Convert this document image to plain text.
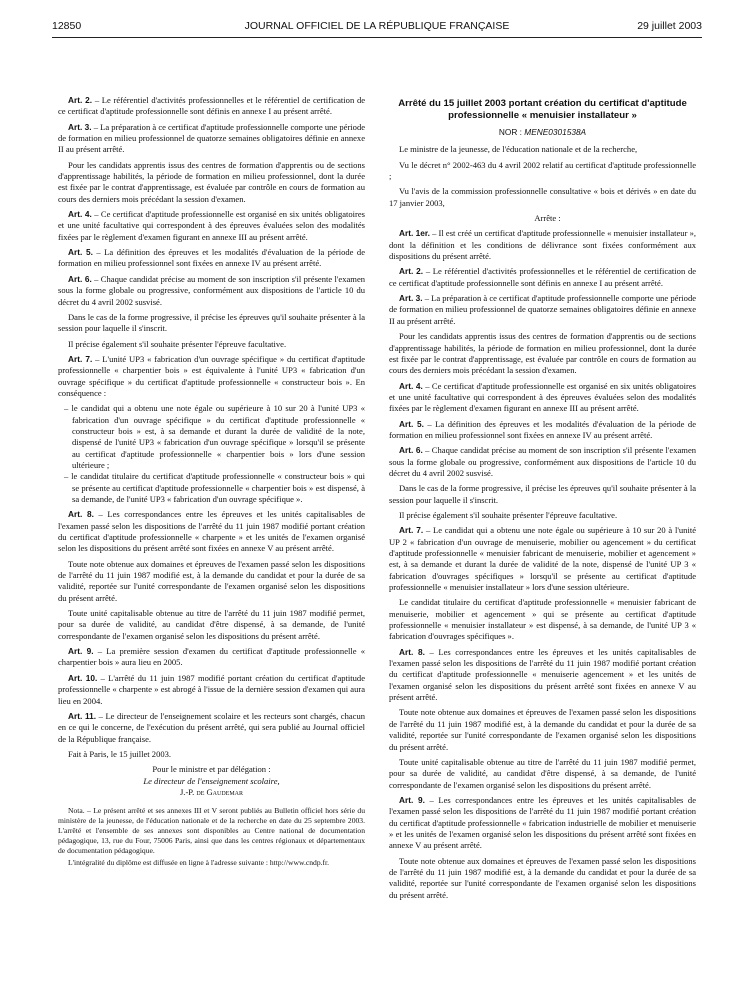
12850	JOURNAL OFFICIEL DE LA RÉPUBLIQUE FRANÇAISE	29 juillet 2003

Art. 2. – Le référentiel d'activités professionnelles et le référentiel de certification de ce certificat d'aptitude professionnelle sont définis en annexe I au présent arrêté.

Art. 3. – La préparation à ce certificat d'aptitude professionnelle comporte une période de formation en milieu professionnel de quatorze semaines obligatoires définie en annexe II au présent arrêté.

Pour les candidats apprentis issus des centres de formation d'apprentis ou de sections d'apprentissage habilités, la période de formation en milieu professionnel, dont la durée est fixée par le contrat d'apprentissage, est évaluée par contrôle en cours de formation au cours des derniers mois précédant la session d'examen.

Art. 4. – Ce certificat d'aptitude professionnelle est organisé en six unités obligatoires et une unité facultative qui correspondent à des épreuves évaluées selon des modalités fixées par le règlement d'examen figurant en annexe III au présent arrêté.

Art. 5. – La définition des épreuves et les modalités d'évaluation de la période de formation en milieu professionnel sont fixées en annexe IV au présent arrêté.

Art. 6. – Chaque candidat précise au moment de son inscription s'il présente l'examen sous la forme globale ou progressive, conformément aux dispositions de l'article 10 du décret du 4 avril 2002 susvisé.

Dans le cas de la forme progressive, il précise les épreuves qu'il souhaite présenter à la session pour laquelle il s'inscrit.

Il précise également s'il souhaite présenter l'épreuve facultative.

Art. 7. – L'unité UP3 « fabrication d'un ouvrage spécifique » du certificat d'aptitude professionnelle « charpentier bois » est équivalente à l'unité UP3 « fabrication d'un ouvrage spécifique » du certificat d'aptitude professionnelle « constructeur bois ». En conséquence :

– le candidat qui a obtenu une note égale ou supérieure à 10 sur 20 à l'unité UP3 « fabrication d'un ouvrage spécifique » du certificat d'aptitude professionnelle « constructeur bois » est, à sa demande et durant la durée de validité de la note, dispensé de l'unité UP3 « fabrication d'un ouvrage spécifique » lorsqu'il se présente au certificat d'aptitude professionnelle « charpentier bois » lors d'une session ultérieure ;
– le candidat titulaire du certificat d'aptitude professionnelle « constructeur bois » qui se présente au certificat d'aptitude professionnelle « charpentier bois » est dispensé, à sa demande, de l'unité UP3 « fabrication d'un ouvrage spécifique ».

Art. 8. – Les correspondances entre les épreuves et les unités capitalisables de l'examen passé selon les dispositions de l'arrêté du 11 juin 1987 modifié portant création du certificat d'aptitude professionnelle « charpente » et les unités de l'examen organisé selon les dispositions du présent arrêté sont fixées en annexe V au présent arrêté.

Toute note obtenue aux domaines et épreuves de l'examen passé selon les dispositions de l'arrêté du 11 juin 1987 modifié est, à la demande du candidat et pour la durée de sa validité, reportée sur l'unité correspondante de l'examen organisé selon les dispositions du présent arrêté.

Toute unité capitalisable obtenue au titre de l'arrêté du 11 juin 1987 modifié permet, pour sa durée de validité, au candidat d'être dispensé, à sa demande, de l'unité correspondante de l'examen organisé selon les dispositions du présent arrêté.

Art. 9. – La première session d'examen du certificat d'aptitude professionnelle « charpentier bois » aura lieu en 2005.

Art. 10. – L'arrêté du 11 juin 1987 modifié portant création du certificat d'aptitude professionnelle « charpente » est abrogé à l'issue de la dernière session d'examen qui aura lieu en 2004.

Art. 11. – Le directeur de l'enseignement scolaire et les recteurs sont chargés, chacun en ce qui le concerne, de l'exécution du présent arrêté, qui sera publié au Journal officiel de la République française.

Fait à Paris, le 15 juillet 2003.

Pour le ministre et par délégation :
Le directeur de l'enseignement scolaire,
J.-P. de Gaudemar

Nota. – Le présent arrêté et ses annexes III et V seront publiés au Bulletin officiel hors série du ministère de la jeunesse, de l'éducation nationale et de la recherche en date du 25 septembre 2003. L'arrêté et l'ensemble de ses annexes sont disponibles au Centre national de documentation pédagogique, 13, rue du Four, 75006 Paris, ainsi que dans les centres régionaux et départementaux de documentation pédagogique.

L'intégralité du diplôme est diffusée en ligne à l'adresse suivante : http://www.cndp.fr.

Arrêté du 15 juillet 2003 portant création du certificat d'aptitude professionnelle « menuisier installateur »
NOR : MENE0301538A

Le ministre de la jeunesse, de l'éducation nationale et de la recherche,

Vu le décret n° 2002-463 du 4 avril 2002 relatif au certificat d'aptitude professionnelle ;

Vu l'avis de la commission professionnelle consultative « bois et dérivés » en date du 17 janvier 2003,

Arrête :

Art. 1er. – Il est créé un certificat d'aptitude professionnelle « menuisier installateur », dont la définition et les conditions de délivrance sont fixées conformément aux dispositions du présent arrêté.

Art. 2. – Le référentiel d'activités professionnelles et le référentiel de certification de ce certificat d'aptitude professionnelle sont définis en annexe I au présent arrêté.

Art. 3. – La préparation à ce certificat d'aptitude professionnelle comporte une période de formation en milieu professionnel de quatorze semaines obligatoires définie en annexe II au présent arrêté.

Pour les candidats apprentis issus des centres de formation d'apprentis ou de sections d'apprentissage habilités, la période de formation en milieu professionnel, dont la durée est fixée par le contrat d'apprentissage, est évaluée par contrôle en cours de formation au cours des derniers mois précédant la session d'examen.

Art. 4. – Ce certificat d'aptitude professionnelle est organisé en six unités obligatoires et une unité facultative qui correspondent à des épreuves évaluées selon des modalités fixées par le règlement d'examen figurant en annexe III au présent arrêté.

Art. 5. – La définition des épreuves et les modalités d'évaluation de la période de formation en milieu professionnel sont fixées en annexe IV au présent arrêté.

Art. 6. – Chaque candidat précise au moment de son inscription s'il présente l'examen sous la forme globale ou progressive, conformément aux dispositions de l'article 10 du décret du 4 avril 2002 susvisé.

Dans le cas de la forme progressive, il précise les épreuves qu'il souhaite présenter à la session pour laquelle il s'inscrit.

Il précise également s'il souhaite présenter l'épreuve facultative.

Art. 7. – Le candidat qui a obtenu une note égale ou supérieure à 10 sur 20 à l'unité UP 2 « fabrication d'un ouvrage de menuiserie, mobilier ou agencement » du certificat d'aptitude professionnelle « menuisier fabricant de menuiserie, mobilier et agencement » est, à sa demande et durant la durée de validité de la note, dispensé de l'unité UP 3 « fabrication d'ouvrages spécifiques » lorsqu'il se présente au certificat d'aptitude professionnelle « menuisier installateur » lors d'une session ultérieure.

Le candidat titulaire du certificat d'aptitude professionnelle « menuisier fabricant de menuiserie, mobilier et agencement » qui se présente au certificat d'aptitude professionnelle « menuisier installateur » est dispensé, à sa demande, de l'unité UP 3 « fabrication d'ouvrages spécifiques ».

Art. 8. – Les correspondances entre les épreuves et les unités capitalisables de l'examen passé selon les dispositions de l'arrêté du 11 juin 1987 modifié portant création du certificat d'aptitude professionnelle « menuiserie agencement » et les unités de l'examen organisé selon les dispositions du présent arrêté sont fixées en annexe V au présent arrêté.

Toute note obtenue aux domaines et épreuves de l'examen passé selon les dispositions de l'arrêté du 11 juin 1987 modifié est, à la demande du candidat et pour la durée de sa validité, reportée sur l'unité correspondante de l'examen organisé selon les dispositions du présent arrêté.

Toute unité capitalisable obtenue au titre de l'arrêté du 11 juin 1987 modifié permet, pour sa durée de validité, au candidat d'être dispensé, à sa demande, de l'unité correspondante de l'examen organisé selon les dispositions du présent arrêté.

Art. 9. – Les correspondances entre les épreuves et les unités capitalisables de l'examen passé selon les dispositions de l'arrêté du 11 juin 1987 modifié portant création du certificat d'aptitude professionnelle « fabrication industrielle de mobilier et menuiserie » et les unités de l'examen organisé selon les dispositions du présent arrêté sont fixées en annexe V au présent arrêté.

Toute note obtenue aux domaines et épreuves de l'examen passé selon les dispositions de l'arrêté du 11 juin 1987 modifié est, à la demande du candidat et pour la durée de sa validité, reportée sur l'unité correspondante de l'examen organisé selon les dispositions du présent arrêté.
